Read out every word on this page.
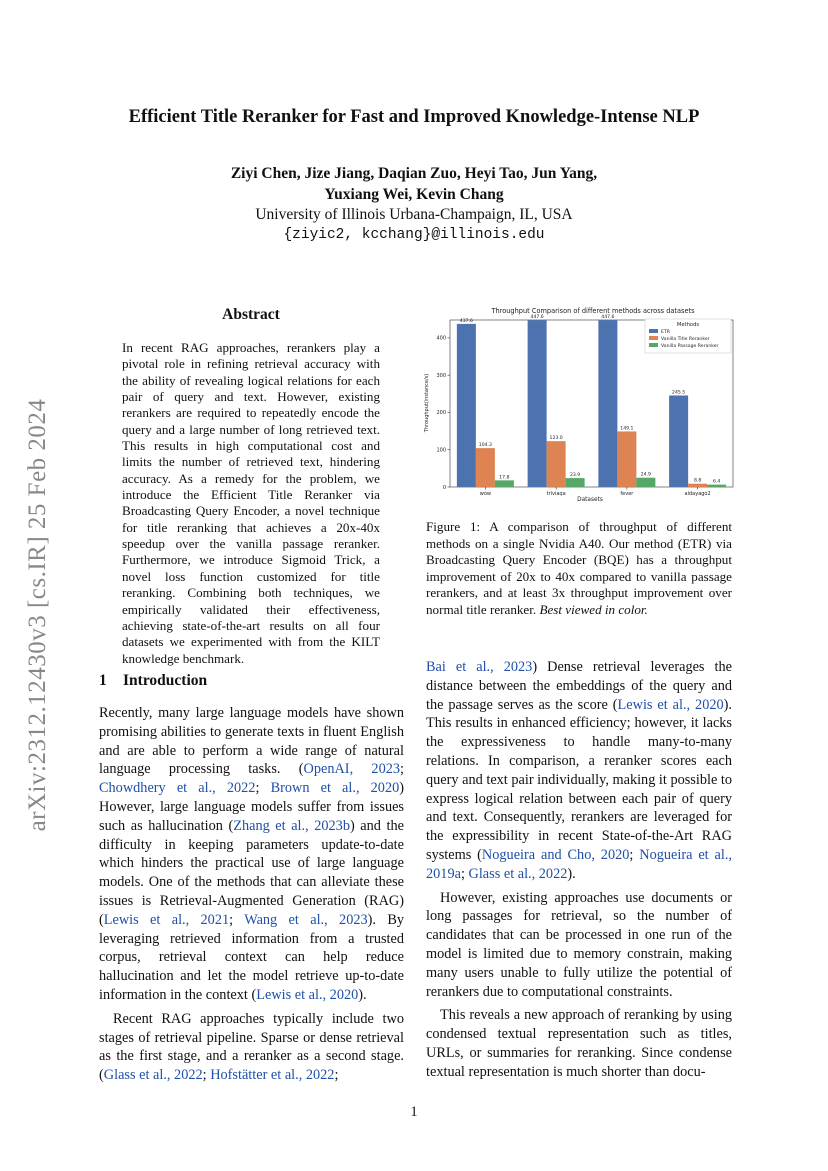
arXiv:2312.12430v3 [cs.IR] 25 Feb 2024
Efficient Title Reranker for Fast and Improved Knowledge-Intense NLP
Ziyi Chen, Jize Jiang, Daqian Zuo, Heyi Tao, Jun Yang,
Yuxiang Wei, Kevin Chang
University of Illinois Urbana-Champaign, IL, USA
{ziyic2, kcchang}@illinois.edu
Abstract

In recent RAG approaches, rerankers play a pivotal role in refining retrieval accuracy with the ability of revealing logical relations for each pair of query and text. However, existing rerankers are required to repeatedly encode the query and a large number of long retrieved text. This results in high computational cost and limits the number of retrieved text, hindering accuracy. As a remedy for the problem, we introduce the Efficient Title Reranker via Broadcasting Query Encoder, a novel technique for title reranking that achieves a 20x-40x speedup over the vanilla passage reranker. Furthermore, we introduce Sigmoid Trick, a novel loss function customized for title reranking. Combining both techniques, we empirically validated their effectiveness, achieving state-of-the-art results on all four datasets we experimented with from the KILT knowledge benchmark.

1 Introduction

Recently, many large language models have shown promising abilities to generate texts in fluent English and are able to perform a wide range of natural language processing tasks. (OpenAI, 2023; Chowdhery et al., 2022; Brown et al., 2020) However, large language models suffer from issues such as hallucination (Zhang et al., 2023b) and the difficulty in keeping parameters update-to-date which hinders the practical use of large language models. One of the methods that can alleviate these issues is Retrieval-Augmented Generation (RAG) (Lewis et al., 2021; Wang et al., 2023). By leveraging retrieved information from a trusted corpus, retrieval context can help reduce hallucination and let the model retrieve up-to-date information in the context (Lewis et al., 2020).

Recent RAG approaches typically include two stages of retrieval pipeline. Sparse or dense retrieval as the first stage, and a reranker as a second stage. (Glass et al., 2022; Hofstätter et al., 2022;

Throughput Comparison of different methods across datasets
0
100
200
300
400
wow
437.6
104.3
17.8
triviaqa
447.6
123.0
23.9
fever
447.6
149.1
24.9
aidayago2
245.5
8.8	6.4
Datasets
Throughput(instance/s)
Methods
ETR
Vanilla Title Reranker
Vanilla Passage Reranker

Figure 1: A comparison of throughput of different methods on a single Nvidia A40. Our method (ETR) via Broadcasting Query Encoder (BQE) has a throughput improvement of 20x to 40x compared to vanilla passage rerankers, and at least 3x throughput improvement over normal title reranker. Best viewed in color.

Bai et al., 2023) Dense retrieval leverages the distance between the embeddings of the query and the passage serves as the score (Lewis et al., 2020). This results in enhanced efficiency; however, it lacks the expressiveness to handle many-to-many relations. In comparison, a reranker scores each query and text pair individually, making it possible to express logical relation between each pair of query and text. Consequently, rerankers are leveraged for the expressibility in recent State-of-the-Art RAG systems (Nogueira and Cho, 2020; Nogueira et al., 2019a; Glass et al., 2022).

However, existing approaches use documents or long passages for retrieval, so the number of candidates that can be processed in one run of the model is limited due to memory constrain, making many users unable to fully utilize the potential of rerankers due to computational constraints.

This reveals a new approach of reranking by using condensed textual representation such as titles, URLs, or summaries for reranking. Since condense textual representation is much shorter than docu-

1
